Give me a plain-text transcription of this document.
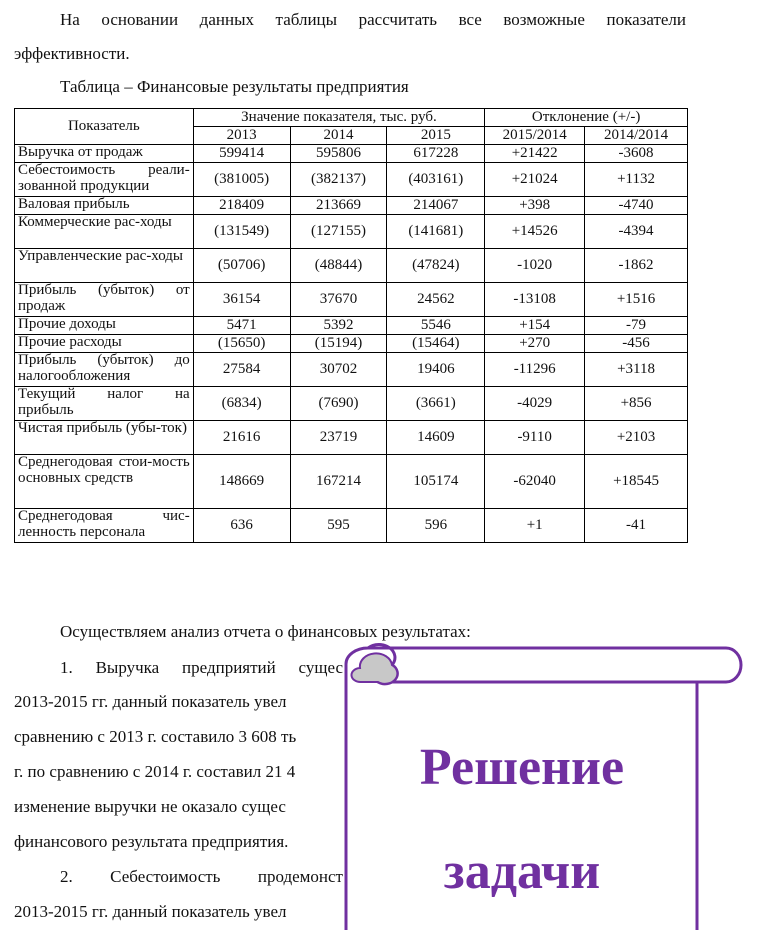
На основании данных таблицы рассчитать все возможные показатели
эффективности.
Таблица – Финансовые результаты предприятия
Показатель	Значение показателя, тыс. руб.			Отклонение (+/-)	
	2013	2014	2015	2015/2014	2014/2014
Выручка от продаж	599414	595806	617228	+21422	-3608
Себестоимость реали-зованной продукции	(381005)	(382137)	(403161)	+21024	+1132
Валовая прибыль	218409	213669	214067	+398	-4740
Коммерческие рас-ходы	(131549)	(127155)	(141681)	+14526	-4394
Управленческие рас-ходы	(50706)	(48844)	(47824)	-1020	-1862
Прибыль (убыток) от продаж	36154	37670	24562	-13108	+1516
Прочие доходы	5471	5392	5546	+154	-79
Прочие расходы	(15650)	(15194)	(15464)	+270	-456
Прибыль (убыток) до налогообложения	27584	30702	19406	-11296	+3118
Текущий налог на прибыль	(6834)	(7690)	(3661)	-4029	+856
Чистая прибыль (убы-ток)	21616	23719	14609	-9110	+2103
Среднегодовая стои-мость основных средств	148669	167214	105174	-62040	+18545
Среднегодовая чис-ленность персонала	636	595	596	+1	-41
Осуществляем анализ отчета о финансовых результатах:
1. Выручка предприятий сущес
2013-2015 гг. данный показатель увел
сравнению с 2013 г. составило 3 608 ть
г. по сравнению с 2014 г. составил 21 4
изменение выручки не оказало сущес
финансового результата предприятия.
2. Себестоимость продемонст
2013-2015 гг. данный показатель увел
Решение
задачи
